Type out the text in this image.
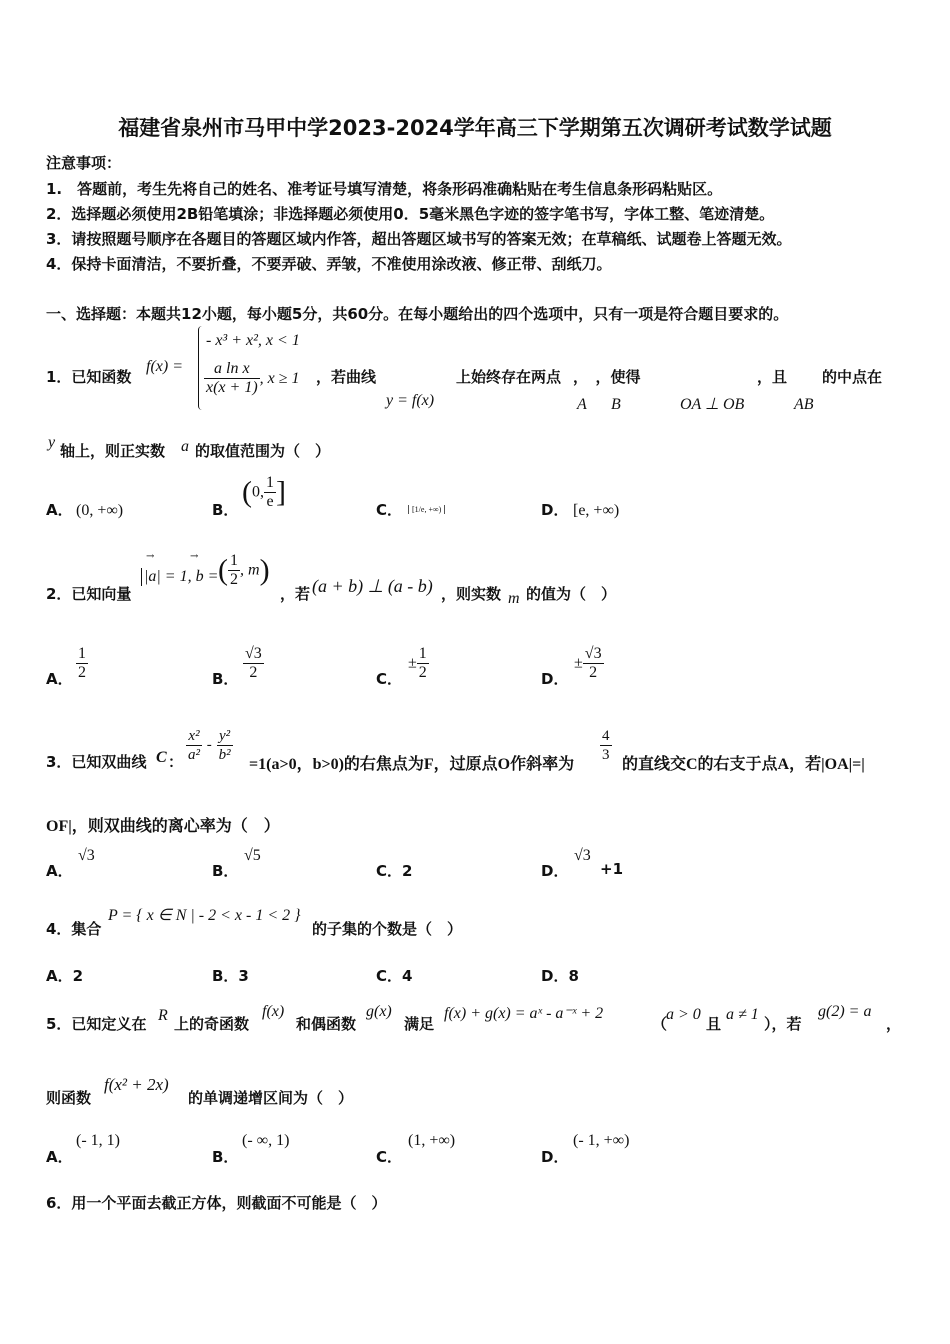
福建省泉州市马甲中学2023-2024学年高三下学期第五次调研考试数学试题
注意事项：
1.　答题前，考生先将自己的姓名、准考证号填写清楚，将条形码准确粘贴在考生信息条形码粘贴区。
2．选择题必须使用2B铅笔填涂；非选择题必须使用0．5毫米黑色字迹的签字笔书写，字体工整、笔迹清楚。
3．请按照题号顺序在各题目的答题区域内作答，超出答题区域书写的答案无效；在草稿纸、试题卷上答题无效。
4．保持卡面清洁，不要折叠，不要弄破、弄皱，不准使用涂改液、修正带、刮纸刀。
一、选择题：本题共12小题，每小题5分，共60分。在每小题给出的四个选项中，只有一项是符合题目要求的。
1．已知函数
f(x) =
- x³ + x², x < 1
$\frac{\text{a ln x}}{x(x + 1)}$ , x ≥ 1 ，若曲线	上始终存在两点 ，　，使得	，且 的中点在
y = f(x)	A B	OA ⊥ OB	AB
y 轴上，则正实数 a 的取值范围为（　）
A． (0, +∞)	B．
(0, $\frac{1}{e}$ ]
C．	[1/e, +∞)	D． [e, +∞)
2．已知向量
|a| = 1, b =
→	→ ( $\frac{1}{2}$ , m)
，若 (a + b) ⊥ (a - b) ，则实数 m 的值为（　）
A． $\frac{1}{2}$	B． $\frac{√3}{2}$	C．
± $\frac{1}{2}$	D．
± $\frac{√3}{2}$
3．已知双曲线 C ： $\frac{\text{x²}}{\text{a²}} - \frac{\text{y²}}{\text{b²}}$
=1(a>0，b>0)的右焦点为F，过原点O作斜率为
$\frac{4}{3}$
的直线交C的右支于点A，若|OA|=|
OF|，则双曲线的离心率为（　）
A．
√3
B．
√5
C．2	D．
√3
+1
4．集合
P = { x ∈ N | - 2 < x - 1 < 2 }
的子集的个数是（　）
A．2	B．3	C．4	D．8
5．已知定义在 R 上的奇函数
f(x)
和偶函数
g(x)
满足
f(x) + g(x) = aˣ - a⁻ˣ + 2
（
a > 0
且
a ≠ 1
），若
g(2) = a
，
则函数
f(x² + 2x)
的单调递增区间为（　）
A．
(- 1, 1)
B．
(- ∞, 1)
C．
(1, +∞)
D．
(- 1, +∞)
6．用一个平面去截正方体，则截面不可能是（　）
